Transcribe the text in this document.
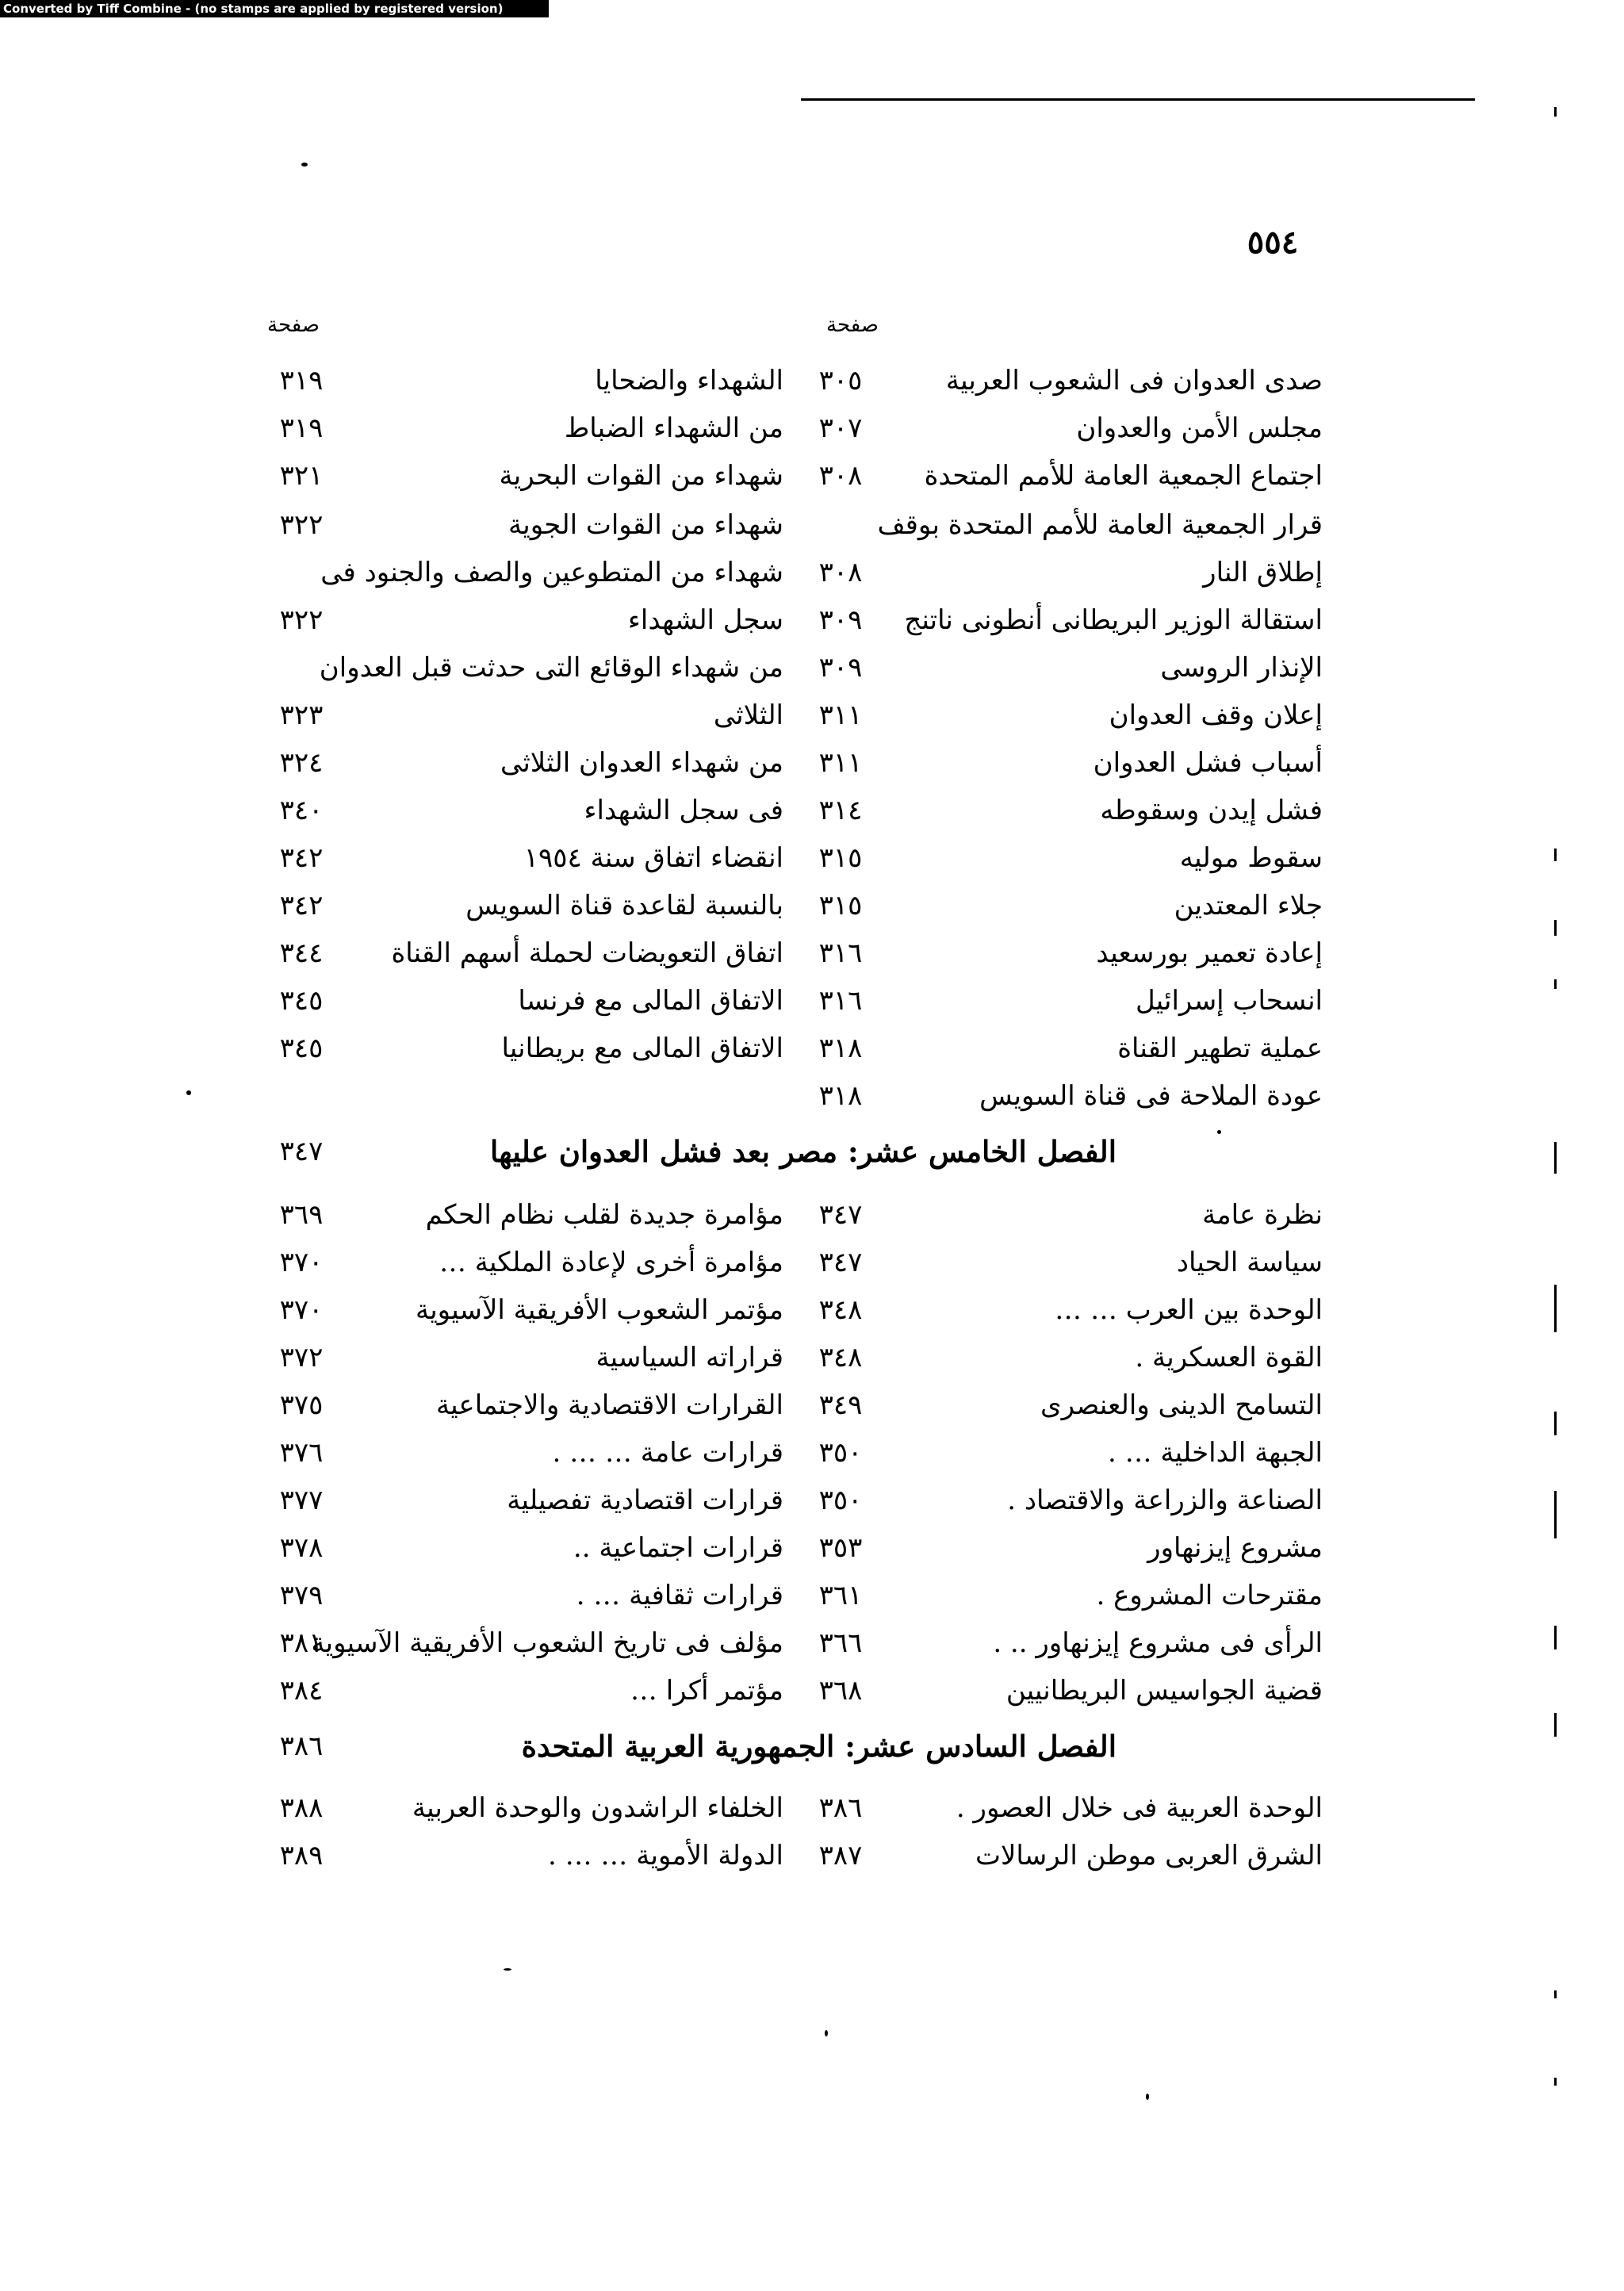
Converted by Tiff Combine - (no stamps are applied by registered version)
٥٥٤
صفحة
صفحة
صدى العدوان فى الشعوب العربية
٣٠٥
الشهداء والضحايا
٣١٩
مجلس الأمن والعدوان
٣٠٧
من الشهداء الضباط
٣١٩
اجتماع الجمعية العامة للأمم المتحدة
٣٠٨
شهداء من القوات البحرية
٣٢١
قرار الجمعية العامة للأمم المتحدة بوقف
شهداء من القوات الجوية
٣٢٢
إطلاق النار
٣٠٨
شهداء من المتطوعين والصف والجنود فى
استقالة الوزير البريطانى أنطونى ناتنج
٣٠٩
سجل الشهداء
٣٢٢
الإنذار الروسى
٣٠٩
من شهداء الوقائع التى حدثت قبل العدوان
إعلان وقف العدوان
٣١١
الثلاثى
٣٢٣
أسباب فشل العدوان
٣١١
من شهداء العدوان الثلاثى
٣٢٤
فشل إيدن وسقوطه
٣١٤
فى سجل الشهداء
٣٤٠
سقوط موليه
٣١٥
انقضاء اتفاق سنة ١٩٥٤
٣٤٢
جلاء المعتدين
٣١٥
بالنسبة لقاعدة قناة السويس
٣٤٢
إعادة تعمير بورسعيد
٣١٦
اتفاق التعويضات لحملة أسهم القناة
٣٤٤
انسحاب إسرائيل
٣١٦
الاتفاق المالى مع فرنسا
٣٤٥
عملية تطهير القناة
٣١٨
الاتفاق المالى مع بريطانيا
٣٤٥
عودة الملاحة فى قناة السويس
٣١٨
الفصل الخامس عشر: مصر بعد فشل العدوان عليها
٣٤٧
نظرة عامة
٣٤٧
مؤامرة جديدة لقلب نظام الحكم
٣٦٩
سياسة الحياد
٣٤٧
مؤامرة أخرى لإعادة الملكية …
٣٧٠
الوحدة بين العرب … …
٣٤٨
مؤتمر الشعوب الأفريقية الآسيوية
٣٧٠
القوة العسكرية .
٣٤٨
قراراته السياسية
٣٧٢
التسامح الدينى والعنصرى
٣٤٩
القرارات الاقتصادية والاجتماعية
٣٧٥
الجبهة الداخلية … .
٣٥٠
قرارات عامة … … .
٣٧٦
الصناعة والزراعة والاقتصاد .
٣٥٠
قرارات اقتصادية تفصيلية
٣٧٧
مشروع إيزنهاور
٣٥٣
قرارات اجتماعية ..
٣٧٨
مقترحات المشروع .
٣٦١
قرارات ثقافية … .
٣٧٩
الرأى فى مشروع إيزنهاور .. .
٣٦٦
مؤلف فى تاريخ الشعوب الأفريقية الآسيوية
٣٨١
قضية الجواسيس البريطانيين
٣٦٨
مؤتمر أكرا …
٣٨٤
الفصل السادس عشر: الجمهورية العربية المتحدة
٣٨٦
الوحدة العربية فى خلال العصور .
٣٨٦
الخلفاء الراشدون والوحدة العربية
٣٨٨
الشرق العربى موطن الرسالات
٣٨٧
الدولة الأموية … … .
٣٨٩
